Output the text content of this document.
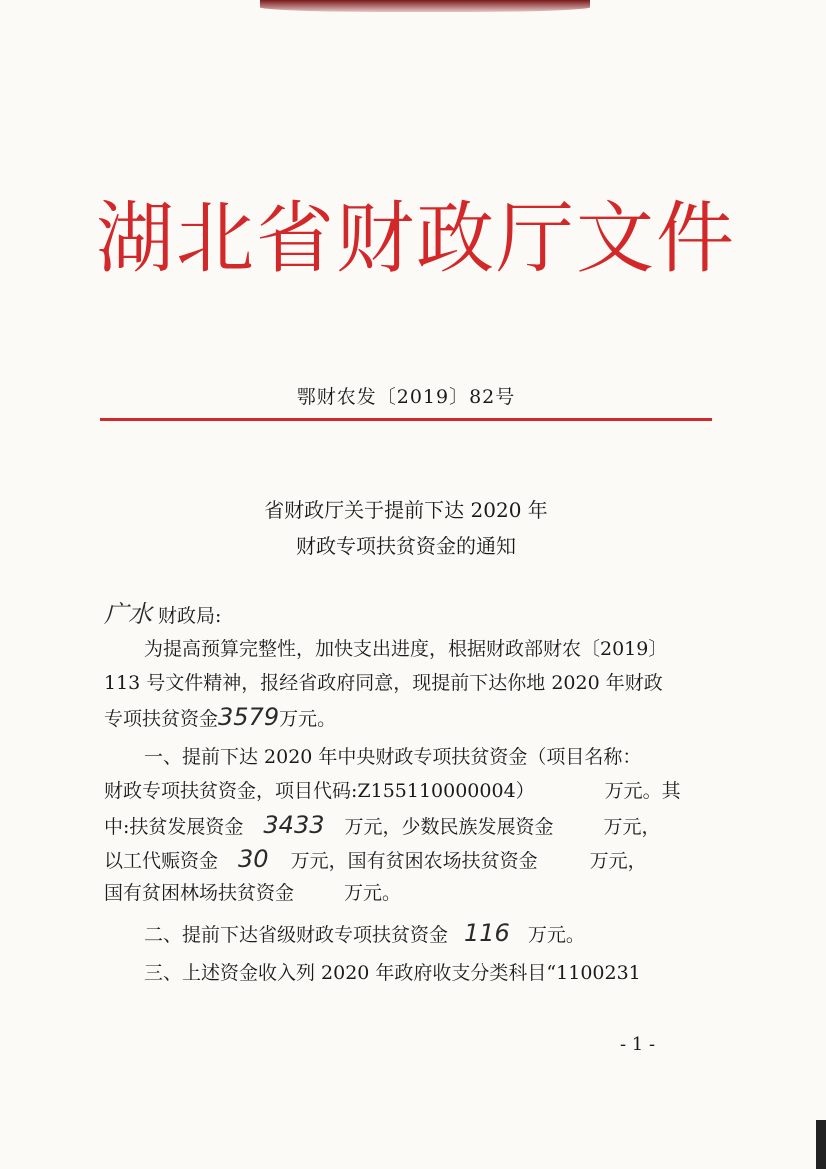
湖北省财政厅文件
鄂财农发〔2019〕82号
省财政厅关于提前下达 2020 年
财政专项扶贫资金的通知
广水 财政局:
为提高预算完整性，加快支出进度，根据财政部财农〔2019〕
113 号文件精神，报经省政府同意，现提前下达你地 2020 年财政
专项扶贫资金3579万元。
一、提前下达 2020 年中央财政专项扶贫资金（项目名称：
财政专项扶贫资金，项目代码:Z155110000004）	万元。其
中:扶贫发展资金 3433 万元，少数民族发展资金	万元，
以工代赈资金 30 万元，国有贫困农场扶贫资金	万元，
国有贫困林场扶贫资金	万元。
二、提前下达省级财政专项扶贫资金 116 万元。
三、上述资金收入列 2020 年政府收支分类科目“1100231
- 1 -
